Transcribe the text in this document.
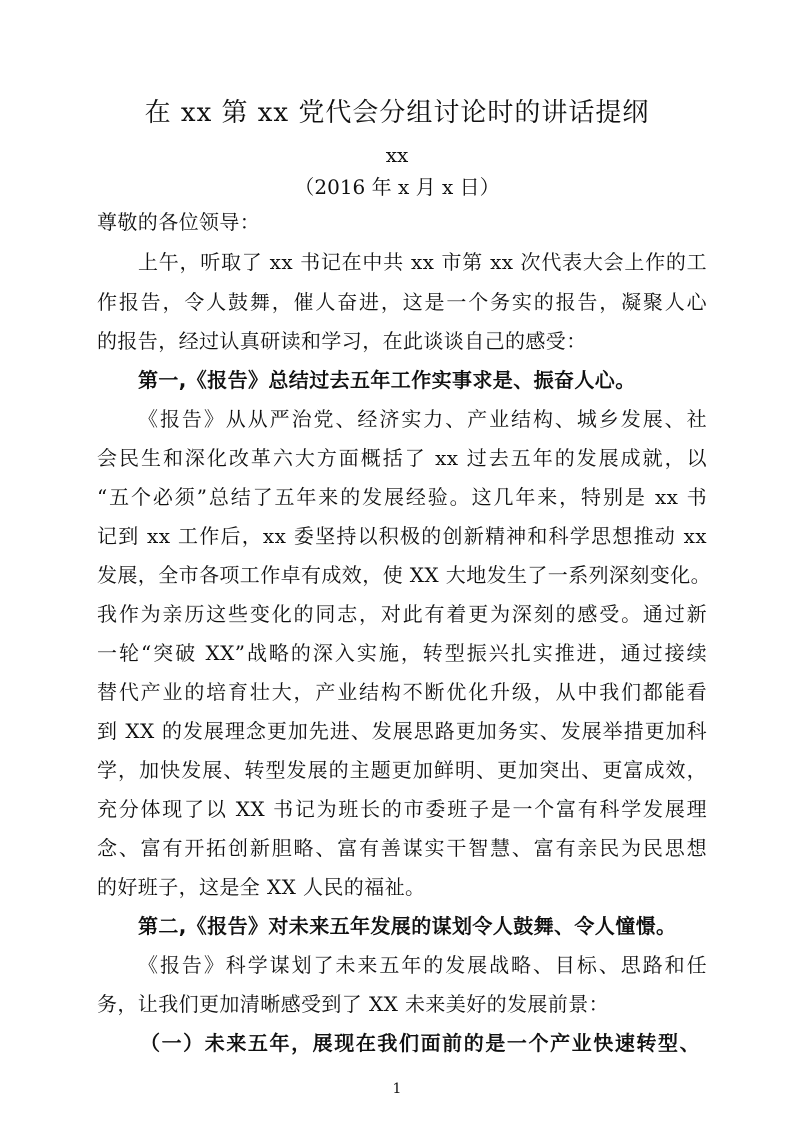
在 xx 第 xx 党代会分组讨论时的讲话提纲
xx
（2016 年 x 月 x 日）
尊敬的各位领导：
上午，听取了 xx 书记在中共 xx 市第 xx 次代表大会上作的工
作报告，令人鼓舞，催人奋进，这是一个务实的报告，凝聚人心
的报告，经过认真研读和学习，在此谈谈自己的感受：
第一,《报告》总结过去五年工作实事求是、振奋人心。
《报告》从从严治党、经济实力、产业结构、城乡发展、社
会民生和深化改革六大方面概括了 xx 过去五年的发展成就，以
“五个必须”总结了五年来的发展经验。这几年来，特别是 xx 书
记到 xx 工作后，xx 委坚持以积极的创新精神和科学思想推动 xx
发展，全市各项工作卓有成效，使 XX 大地发生了一系列深刻变化。
我作为亲历这些变化的同志，对此有着更为深刻的感受。通过新
一轮“突破 XX”战略的深入实施，转型振兴扎实推进，通过接续
替代产业的培育壮大，产业结构不断优化升级，从中我们都能看
到 XX 的发展理念更加先进、发展思路更加务实、发展举措更加科
学，加快发展、转型发展的主题更加鲜明、更加突出、更富成效，
充分体现了以 XX 书记为班长的市委班子是一个富有科学发展理
念、富有开拓创新胆略、富有善谋实干智慧、富有亲民为民思想
的好班子，这是全 XX 人民的福祉。
第二,《报告》对未来五年发展的谋划令人鼓舞、令人憧憬。
《报告》科学谋划了未来五年的发展战略、目标、思路和任
务，让我们更加清晰感受到了 XX 未来美好的发展前景：
1
（一）未来五年，展现在我们面前的是一个产业快速转型、
